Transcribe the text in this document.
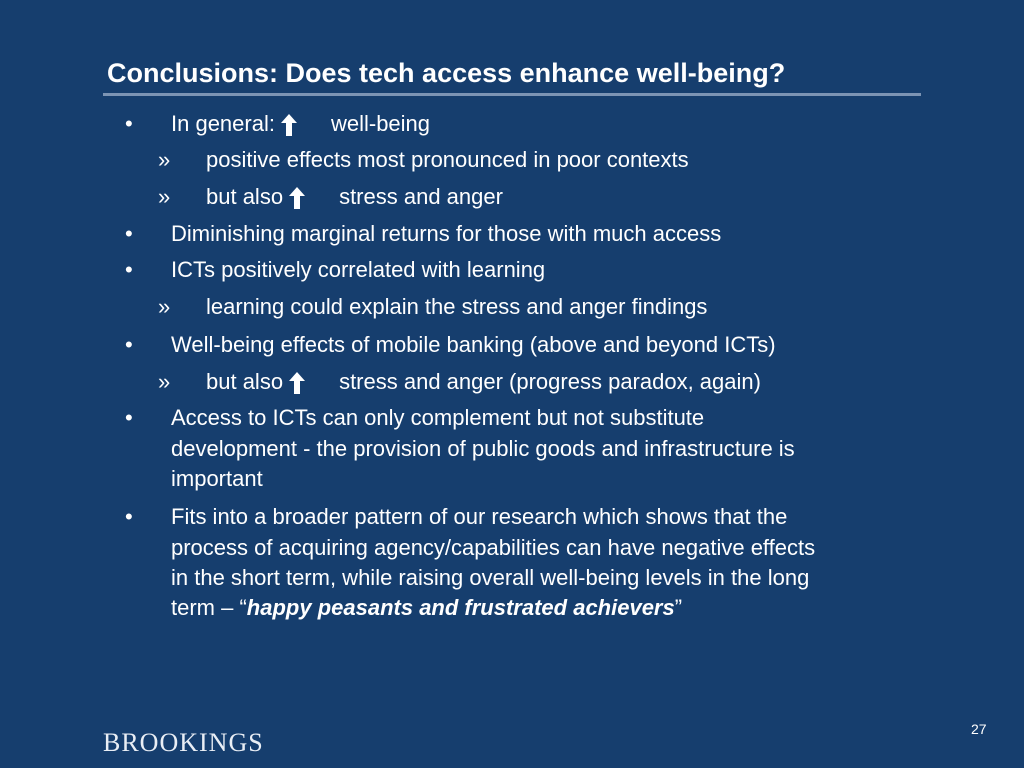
Conclusions: Does tech access enhance well-being?
• In general:	well-being
» positive effects most pronounced in poor contexts
» but also	stress and anger
• Diminishing marginal returns for those with much access
• ICTs positively correlated with learning
» learning could explain the stress and anger findings
• Well-being effects of mobile banking (above and beyond ICTs)
» but also	stress and anger (progress paradox, again)
• Access to ICTs can only complement but not substitute
development - the provision of public goods and infrastructure is
important
• Fits into a broader pattern of our research which shows that the
process of acquiring agency/capabilities can have negative effects
in the short term, while raising overall well-being levels in the long
term – “happy peasants and frustrated achievers”
BROOKINGS	27
